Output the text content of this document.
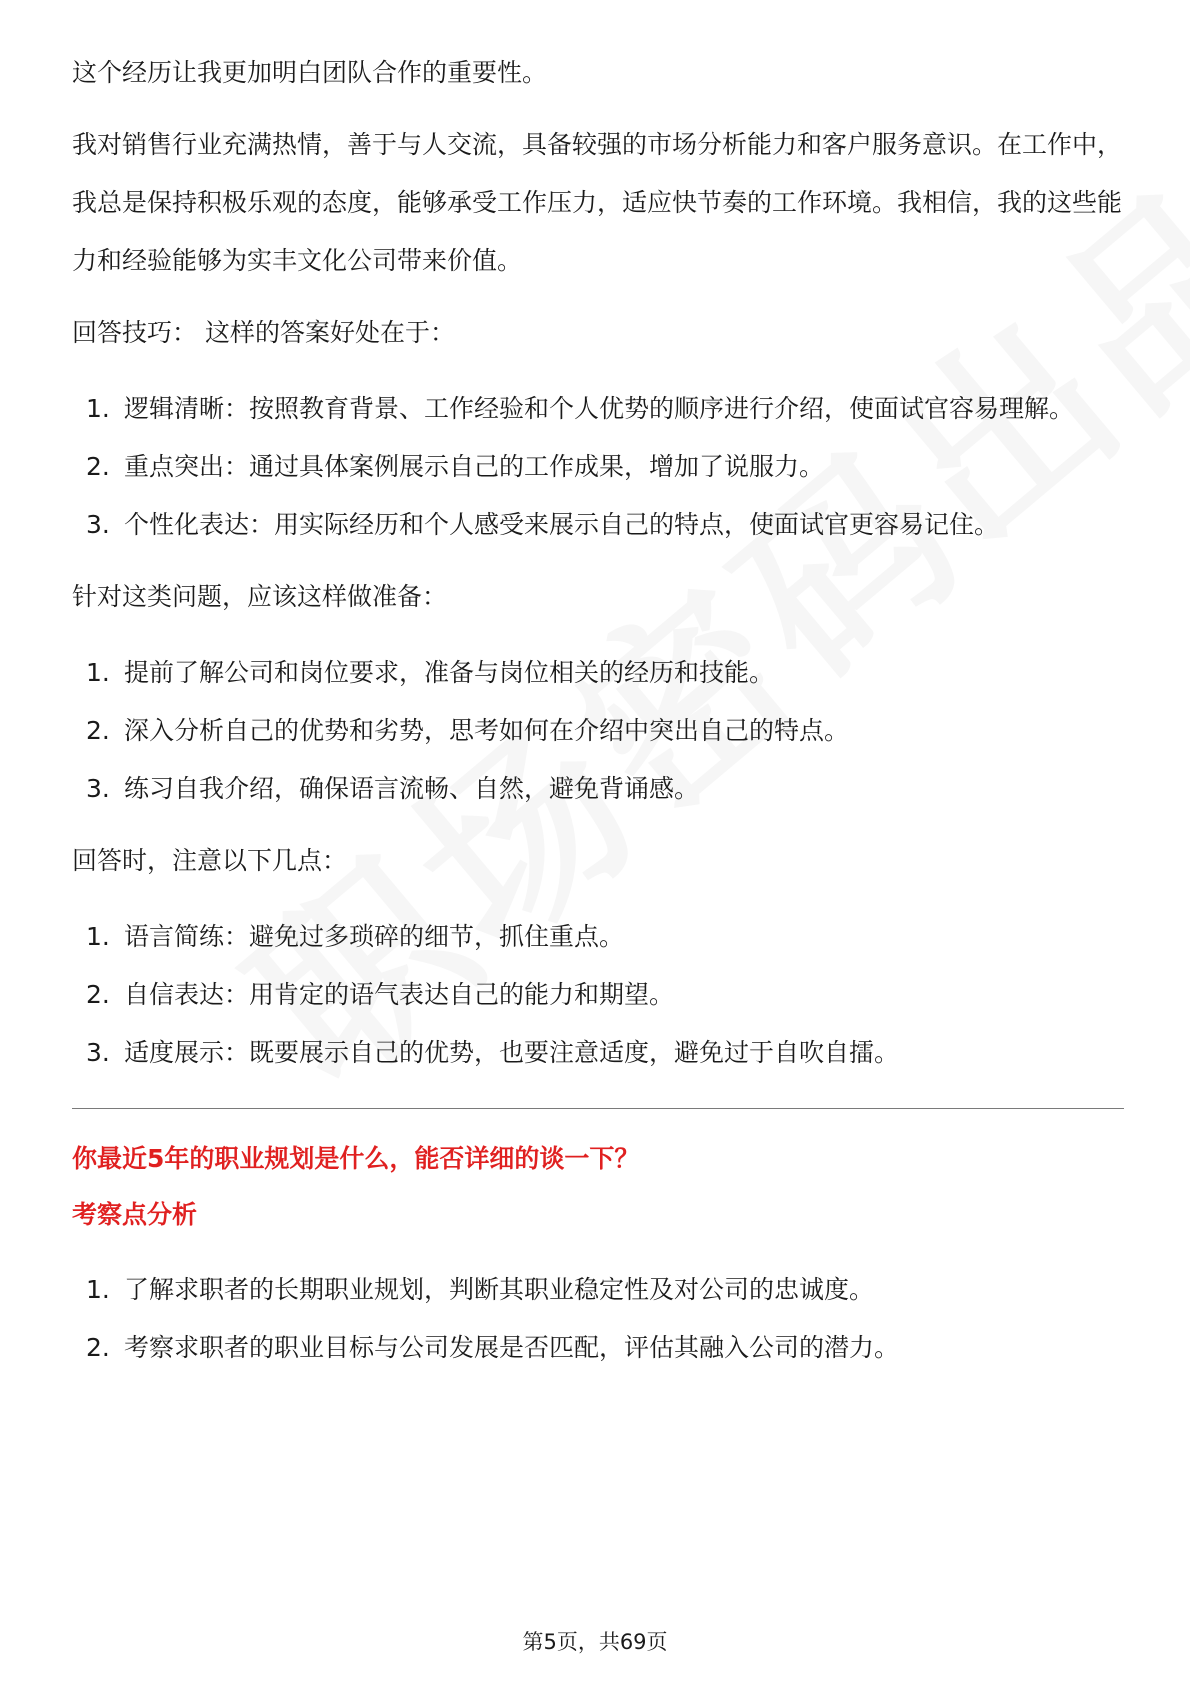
这个经历让我更加明白团队合作的重要性。

我对销售行业充满热情，善于与人交流，具备较强的市场分析能力和客户服务意识。在工作中，我总是保持积极乐观的态度，能够承受工作压力，适应快节奏的工作环境。我相信，我的这些能力和经验能够为实丰文化公司带来价值。

回答技巧： 这样的答案好处在于：

1. 逻辑清晰：按照教育背景、工作经验和个人优势的顺序进行介绍，使面试官容易理解。
2. 重点突出：通过具体案例展示自己的工作成果，增加了说服力。
3. 个性化表达：用实际经历和个人感受来展示自己的特点，使面试官更容易记住。

针对这类问题，应该这样做准备：

1. 提前了解公司和岗位要求，准备与岗位相关的经历和技能。
2. 深入分析自己的优势和劣势，思考如何在介绍中突出自己的特点。
3. 练习自我介绍，确保语言流畅、自然，避免背诵感。

回答时，注意以下几点：

1. 语言简练：避免过多琐碎的细节，抓住重点。
2. 自信表达：用肯定的语气表达自己的能力和期望。
3. 适度展示：既要展示自己的优势，也要注意适度，避免过于自吹自擂。

你最近5年的职业规划是什么，能否详细的谈一下？

考察点分析

1. 了解求职者的长期职业规划，判断其职业稳定性及对公司的忠诚度。
2. 考察求职者的职业目标与公司发展是否匹配，评估其融入公司的潜力。
第5页，共69页
